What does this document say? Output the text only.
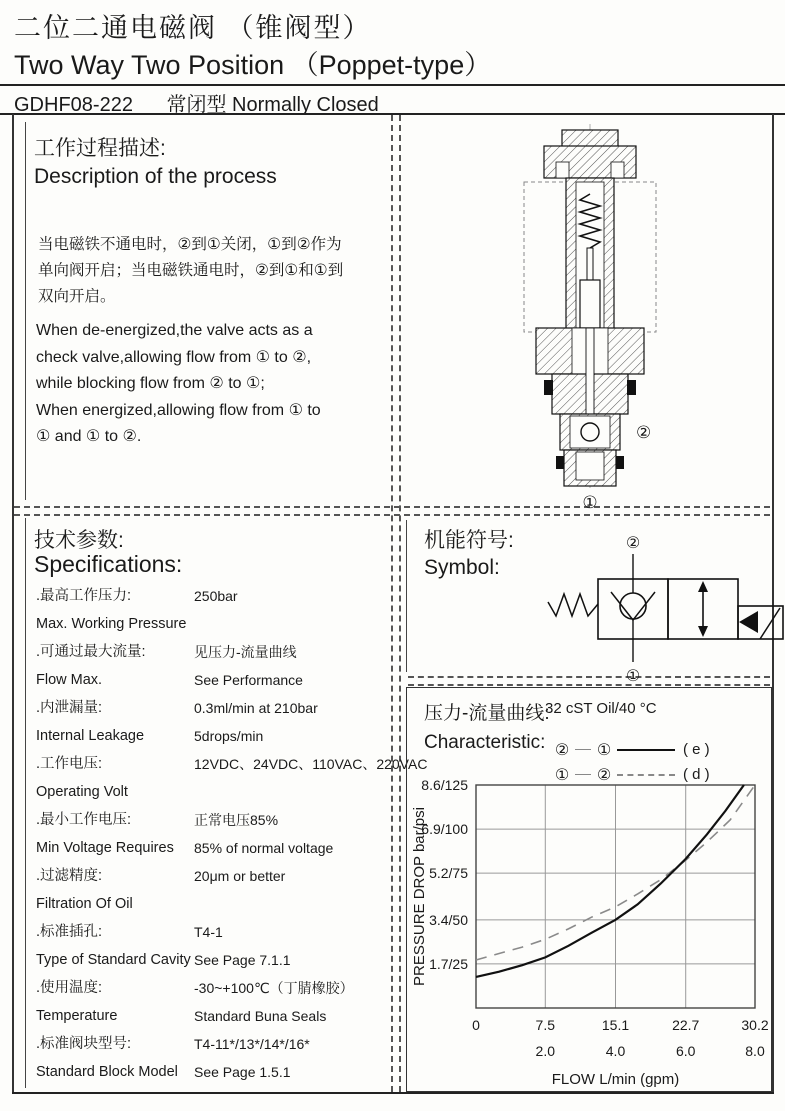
二位二通电磁阀 （锥阀型）
Two Way Two Position （Poppet-type）
GDHF08-222 常闭型 Normally Closed
工作过程描述:
Description of the process
当电磁铁不通电时，②到①关闭，①到②作为
单向阀开启；当电磁铁通电时，②到①和①到
双向开启。
When de-energized,the valve acts as a
check valve,allowing flow from ① to ②,
while blocking flow from ② to ①;
When energized,allowing flow from ① to
① and ① to ②.	②
①
技术参数:
Specifications:
.最高工作压力:	250bar
Max. Working Pressure
.可通过最大流量:	见压力-流量曲线
Flow Max.	See Performance
.内泄漏量:	0.3ml/min at 210bar
Internal Leakage	5drops/min
.工作电压:	12VDC、24VDC、110VAC、220VAC
Operating Volt
.最小工作电压:	正常电压85%
Min Voltage Requires	85% of normal voltage
.过滤精度:	20μm or better
Filtration Of Oil
.标准插孔:	T4-1
Type of Standard Cavity See Page 7.1.1
.使用温度:	-30~+100℃（丁腈橡胶）
Temperature	Standard Buna Seals
.标准阀块型号:	T4-11*/13*/14*/16*
Standard Block Model	See Page 1.5.1
机能符号:
Symbol:
②
①
压力-流量曲线:
Characteristic:
32 cST Oil/40 °C
② ①	( e )
① ②	( d )
1.7/25
3.4/50
5.2/75
6.9/100
8.6/125
0	7.5	15.1	22.7	30.2
2.0	4.0	6.0	8.0
FLOW L/min (gpm)
PRESSURE DROP bar/psi
